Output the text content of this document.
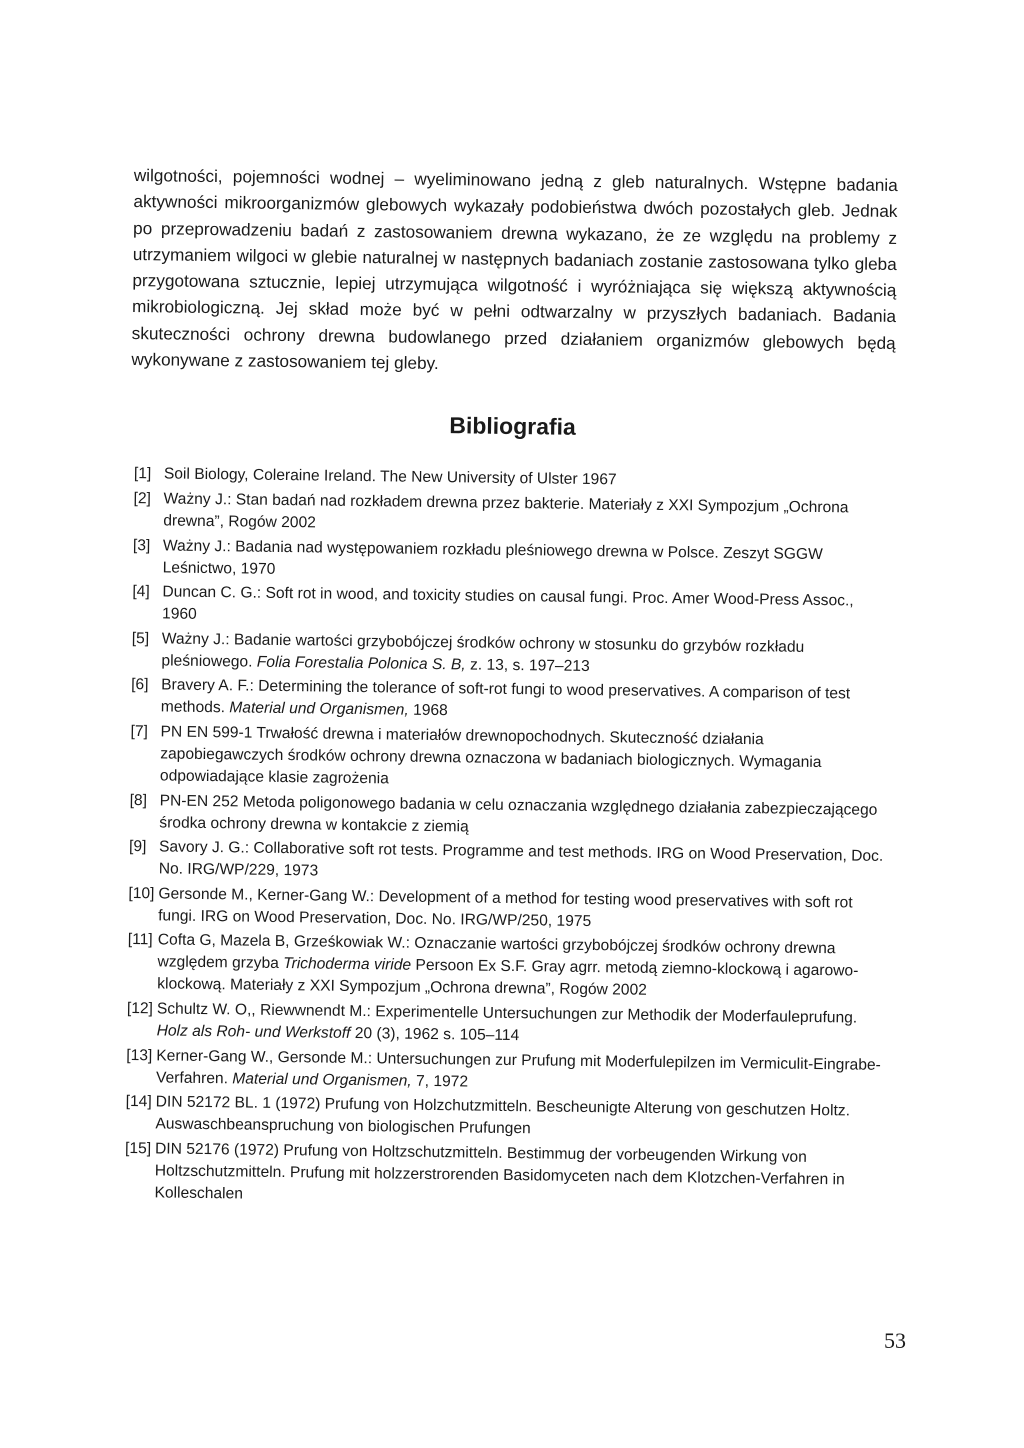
wilgotności, pojemności wodnej – wyeliminowano jedną z gleb naturalnych. Wstępne badania aktywności mikroorganizmów glebowych wykazały podobieństwa dwóch pozostałych gleb. Jednak po przeprowadzeniu badań z zastosowaniem drewna wykazano, że ze względu na problemy z utrzymaniem wilgoci w glebie naturalnej w następnych badaniach zostanie zastosowana tylko gleba przygotowana sztucznie, lepiej utrzymująca wilgotność i wyróżniająca się większą aktywnością mikrobiologiczną. Jej skład może być w pełni odtwarzalny w przyszłych badaniach. Badania skuteczności ochrony drewna budowlanego przed działaniem organizmów glebowych będą wykonywane z zastosowaniem tej gleby.

Bibliografia
[1] Soil Biology, Coleraine Ireland. The New University of Ulster 1967
[2] Ważny J.: Stan badań nad rozkładem drewna przez bakterie. Materiały z XXI Sympozjum „Ochrona drewna”, Rogów 2002
[3] Ważny J.: Badania nad występowaniem rozkładu pleśniowego drewna w Polsce. Zeszyt SGGW Leśnictwo, 1970
[4] Duncan C. G.: Soft rot in wood, and toxicity studies on causal fungi. Proc. Amer Wood-Press Assoc., 1960
[5] Ważny J.: Badanie wartości grzybobójczej środków ochrony w stosunku do grzybów rozkładu pleśniowego. Folia Forestalia Polonica S. B, z. 13, s. 197–213
[6] Bravery A. F.: Determining the tolerance of soft-rot fungi to wood preservatives. A comparison of test methods. Material und Organismen, 1968
[7] PN EN 599-1 Trwałość drewna i materiałów drewnopochodnych. Skuteczność działania zapobiegawczych środków ochrony drewna oznaczona w badaniach biologicznych. Wymagania odpowiadające klasie zagrożenia
[8] PN-EN 252 Metoda poligonowego badania w celu oznaczania względnego działania zabezpieczającego środka ochrony drewna w kontakcie z ziemią
[9] Savory J. G.: Collaborative soft rot tests. Programme and test methods. IRG on Wood Preservation, Doc. No. IRG/WP/229, 1973
[10] Gersonde M., Kerner-Gang W.: Development of a method for testing wood preservatives with soft rot fungi. IRG on Wood Preservation, Doc. No. IRG/WP/250, 1975
[11] Cofta G, Mazela B, Grześkowiak W.: Oznaczanie wartości grzybobójczej środków ochrony drewna względem grzyba Trichoderma viride Persoon Ex S.F. Gray agrr. metodą ziemno-klockową i agarowo-klockową. Materiały z XXI Sympozjum „Ochrona drewna”, Rogów 2002
[12] Schultz W. O,, Riewwnendt M.: Experimentelle Untersuchungen zur Methodik der Moderfauleprufung. Holz als Roh- und Werkstoff 20 (3), 1962 s. 105–114
[13] Kerner-Gang W., Gersonde M.: Untersuchungen zur Prufung mit Moderfulepilzen im Vermiculit-Eingrabe-Verfahren. Material und Organismen, 7, 1972
[14] DIN 52172 BL. 1 (1972) Prufung von Holzchutzmitteln. Bescheunigte Alterung von geschutzen Holtz. Auswaschbeanspruchung von biologischen Prufungen
[15] DIN 52176 (1972) Prufung von Holtzschutzmitteln. Bestimmug der vorbeugenden Wirkung von Holtzschutzmitteln. Prufung mit holzzerstrorenden Basidomyceten nach dem Klotzchen-Verfahren in Kolleschalen
53
